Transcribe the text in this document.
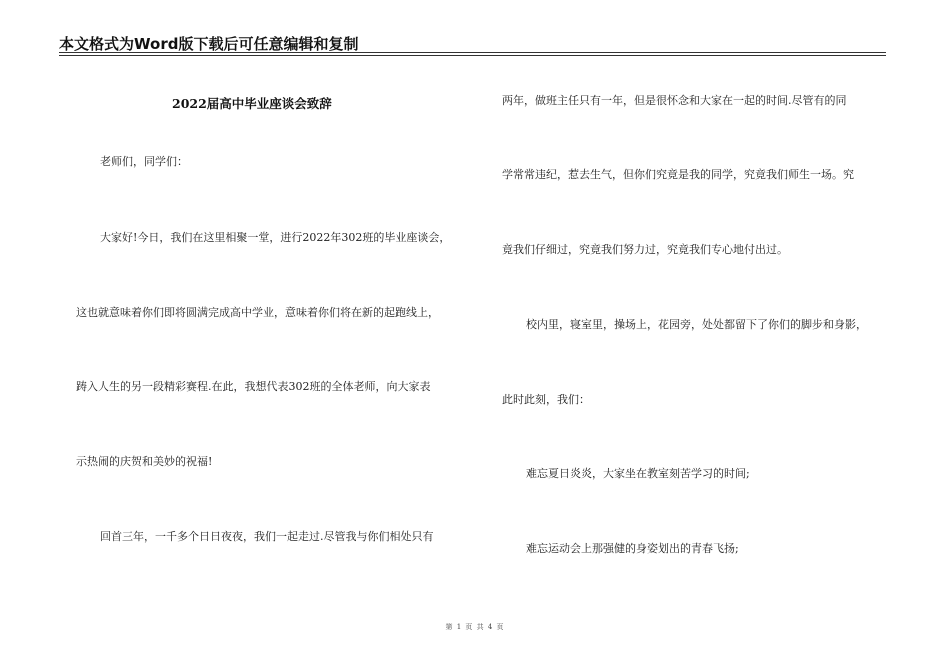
本文格式为Word版下载后可任意编辑和复制
2022届高中毕业座谈会致辞
老师们，同学们：
大家好!今日，我们在这里相聚一堂，进行2022年302班的毕业座谈会，
这也就意味着你们即将圆满完成高中学业，意味着你们将在新的起跑线上，
踌入人生的另一段精彩赛程.在此，我想代表302班的全体老师，向大家表
示热闹的庆贺和美妙的祝福!
回首三年，一千多个日日夜夜，我们一起走过.尽管我与你们相处只有
两年，做班主任只有一年，但是很怀念和大家在一起的时间.尽管有的同
学常常违纪，惹去生气，但你们究竟是我的同学，究竟我们师生一场。究
竟我们仔细过，究竟我们努力过，究竟我们专心地付出过。
校内里，寝室里，操场上，花园旁，处处都留下了你们的脚步和身影，
此时此刻，我们：
难忘夏日炎炎，大家坐在教室刻苦学习的时间;
难忘运动会上那强健的身姿划出的青春飞扬;
第 1 页 共 4 页
